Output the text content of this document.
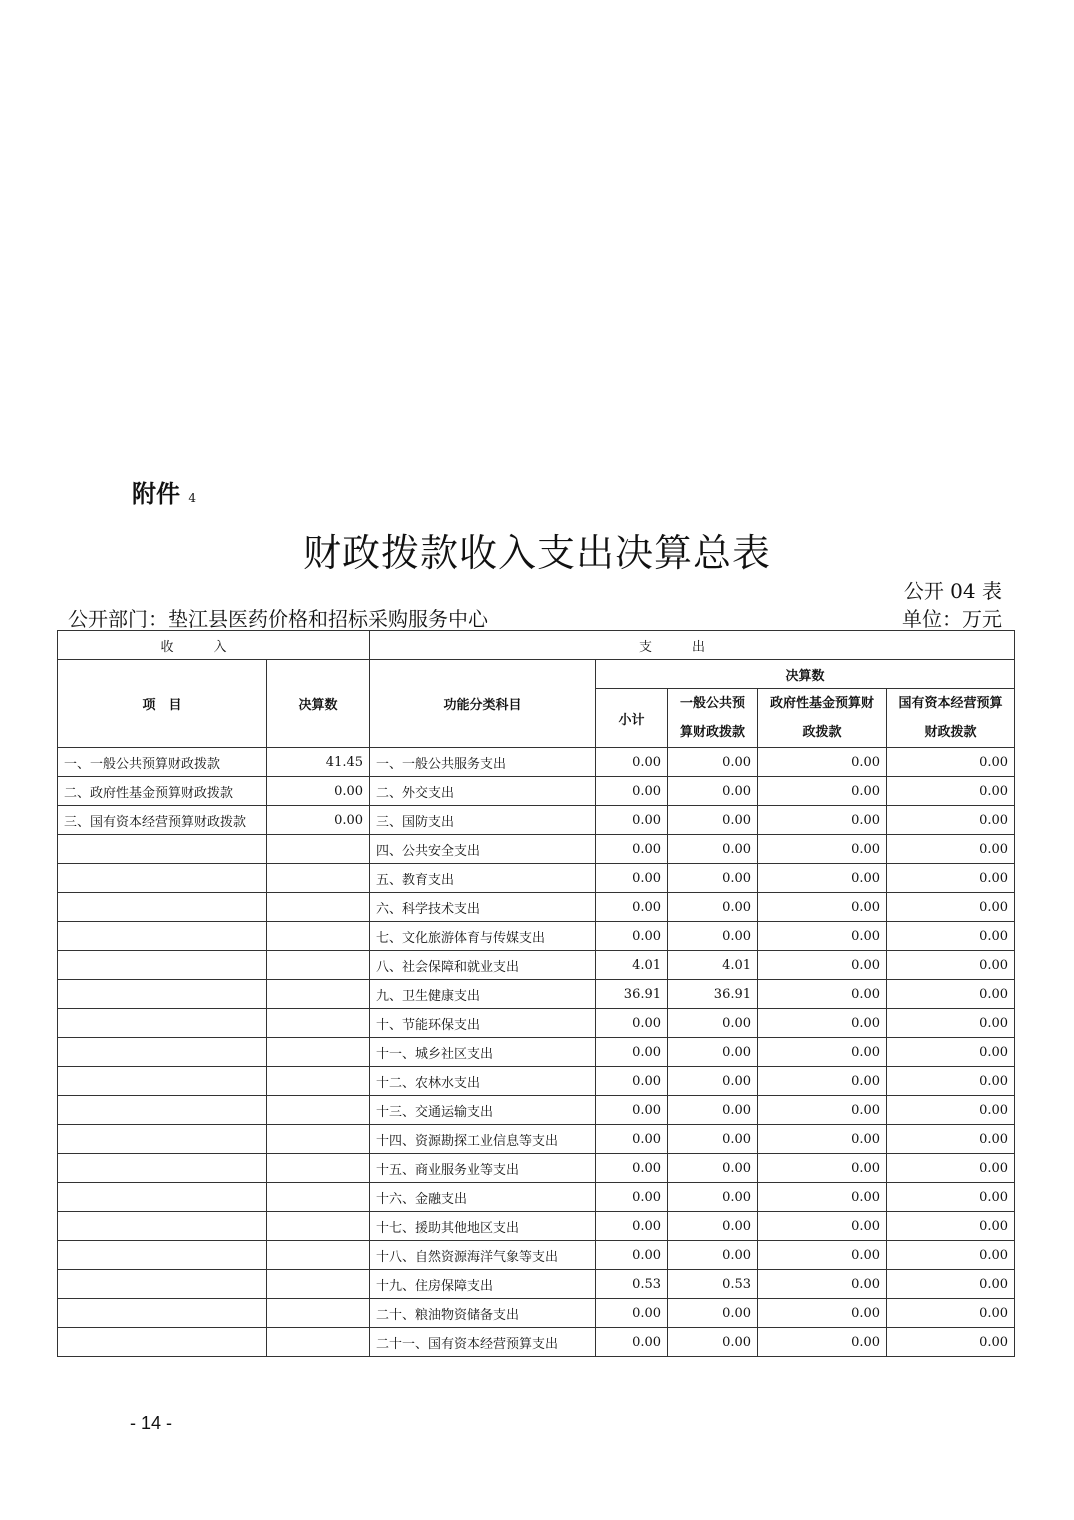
附件 4
财政拨款收入支出决算总表
公开 04 表
公开部门：垫江县医药价格和招标采购服务中心	单位：万元
收入		支出				
项　目	决算数	功能分类科目	决算数			
			小计	一般公共预算财政拨款	政府性基金预算财政拨款	国有资本经营预算财政拨款

一、一般公共预算财政拨款	41.45	一、一般公共服务支出	0.00	0.00	0.00	0.00
二、政府性基金预算财政拨款	0.00	二、外交支出	0.00	0.00	0.00	0.00
三、国有资本经营预算财政拨款	0.00	三、国防支出	0.00	0.00	0.00	0.00
		四、公共安全支出	0.00	0.00	0.00	0.00
		五、教育支出	0.00	0.00	0.00	0.00
		六、科学技术支出	0.00	0.00	0.00	0.00
		七、文化旅游体育与传媒支出	0.00	0.00	0.00	0.00
		八、社会保障和就业支出	4.01	4.01	0.00	0.00
		九、卫生健康支出	36.91	36.91	0.00	0.00
		十、节能环保支出	0.00	0.00	0.00	0.00
		十一、城乡社区支出	0.00	0.00	0.00	0.00
		十二、农林水支出	0.00	0.00	0.00	0.00
		十三、交通运输支出	0.00	0.00	0.00	0.00
		十四、资源勘探工业信息等支出	0.00	0.00	0.00	0.00
		十五、商业服务业等支出	0.00	0.00	0.00	0.00
		十六、金融支出	0.00	0.00	0.00	0.00
		十七、援助其他地区支出	0.00	0.00	0.00	0.00
		十八、自然资源海洋气象等支出	0.00	0.00	0.00	0.00
		十九、住房保障支出	0.53	0.53	0.00	0.00
		二十、粮油物资储备支出	0.00	0.00	0.00	0.00
		二十一、国有资本经营预算支出	0.00	0.00	0.00	0.00
- 14 -
